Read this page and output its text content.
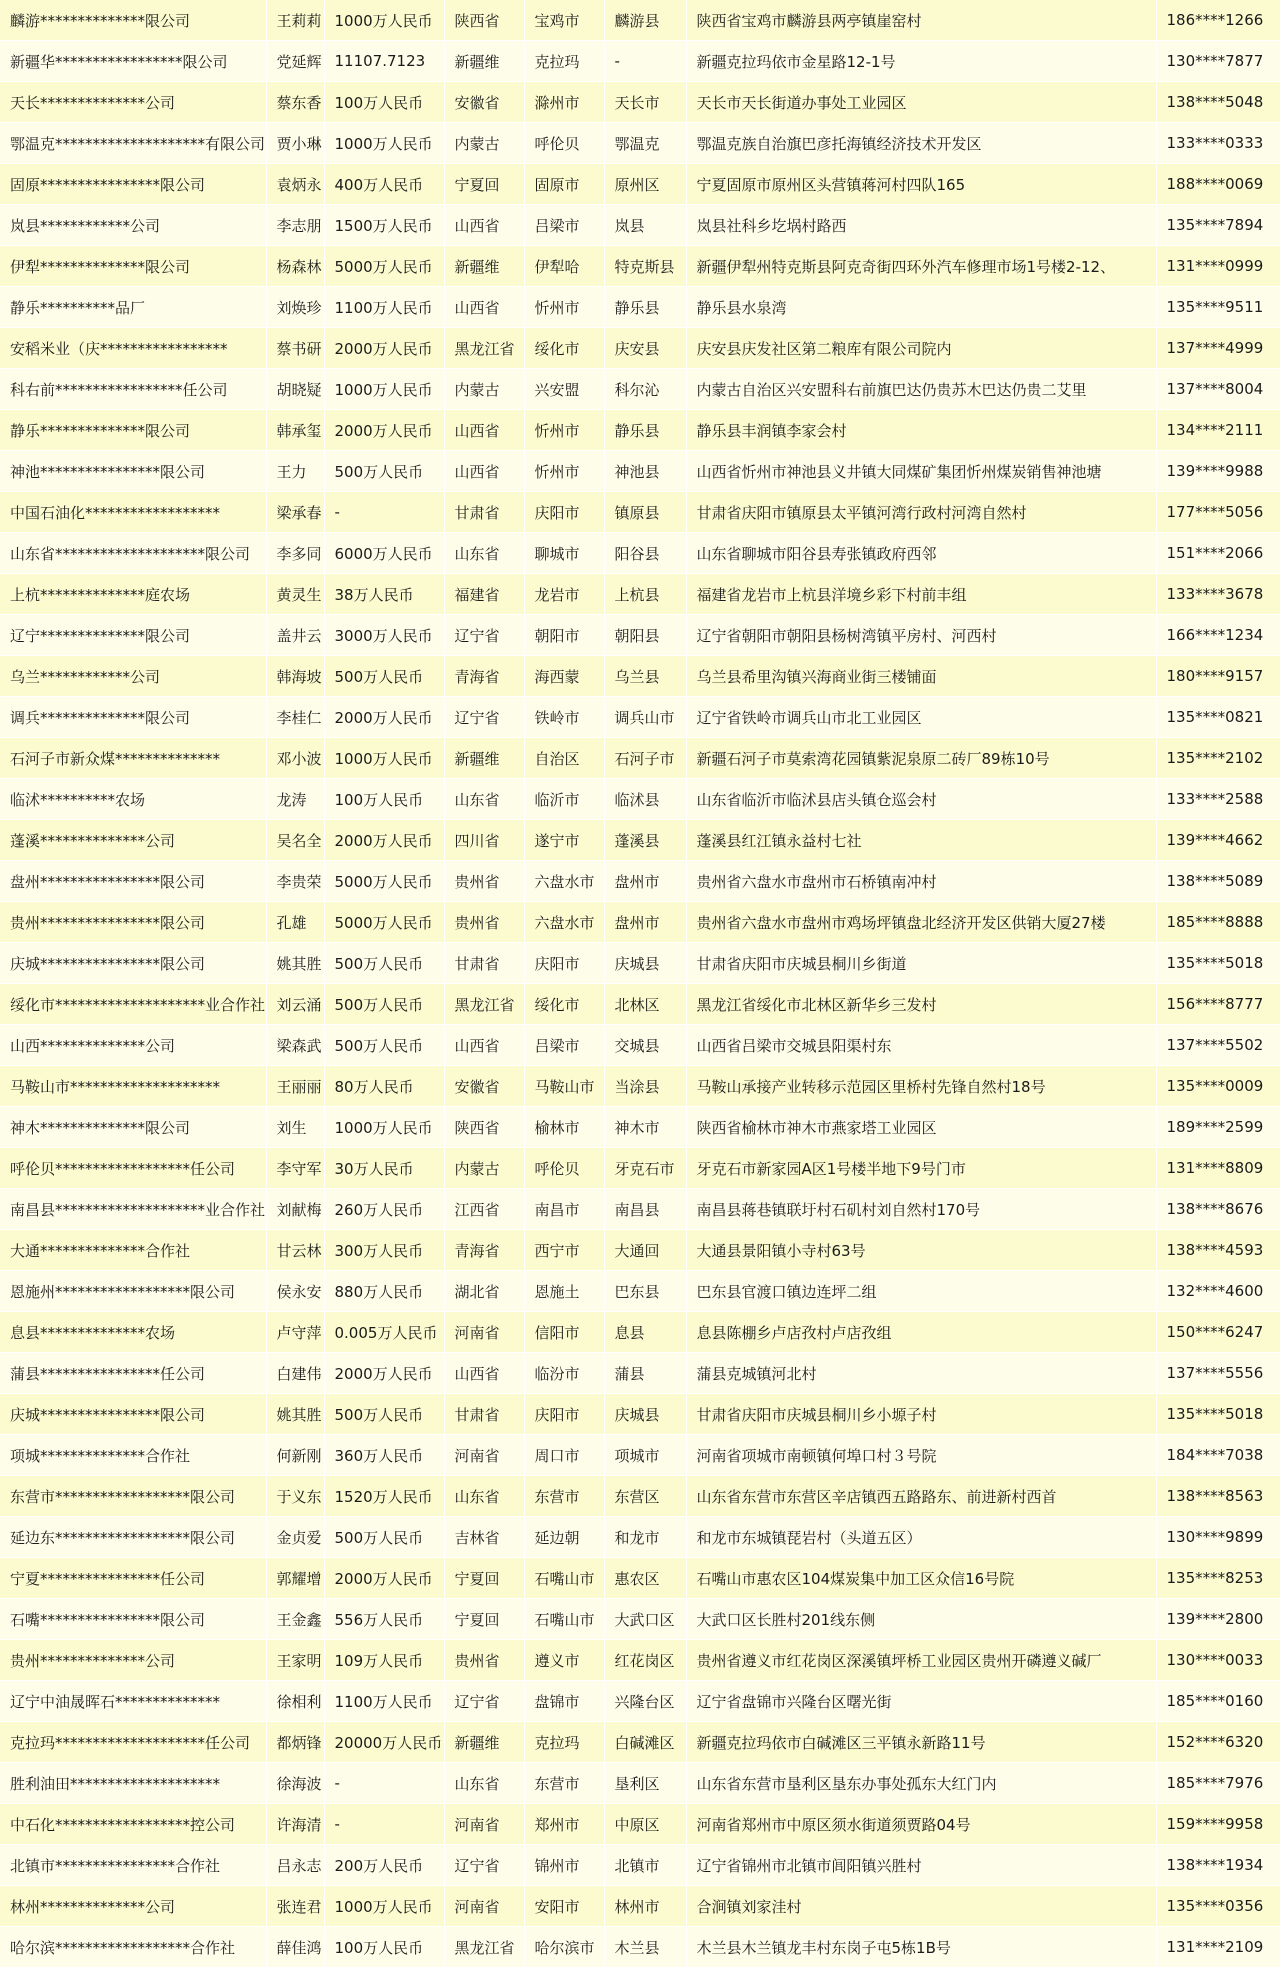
麟游**************限公司	王莉莉	1000万人民币	陕西省	宝鸡市	麟游县	陕西省宝鸡市麟游县两亭镇崖窑村	186****1266
新疆华*****************限公司	党延辉	11107.7123	新疆维	克拉玛	-	新疆克拉玛依市金星路12-1号	130****7877
天长**************公司	蔡东香	100万人民币	安徽省	滁州市	天长市	天长市天长街道办事处工业园区	138****5048
鄂温克********************有限公司	贾小琳	1000万人民币	内蒙古	呼伦贝	鄂温克	鄂温克族自治旗巴彦托海镇经济技术开发区	133****0333
固原****************限公司	袁炳永	400万人民币	宁夏回	固原市	原州区	宁夏固原市原州区头营镇蒋河村四队165	188****0069
岚县************公司	李志朋	1500万人民币	山西省	吕梁市	岚县	岚县社科乡圪埚村路西	135****7894
伊犁**************限公司	杨森林	5000万人民币	新疆维	伊犁哈	特克斯县	新疆伊犁州特克斯县阿克奇街四环外汽车修理市场1号楼2-12、	131****0999
静乐**********品厂	刘焕珍	1100万人民币	山西省	忻州市	静乐县	静乐县水泉湾	135****9511
安稻米业（庆*****************	蔡书研	2000万人民币	黑龙江省	绥化市	庆安县	庆安县庆发社区第二粮库有限公司院内	137****4999
科右前*****************任公司	胡晓疑	1000万人民币	内蒙古	兴安盟	科尔沁	内蒙古自治区兴安盟科右前旗巴达仍贵苏木巴达仍贵二艾里	137****8004
静乐**************限公司	韩承玺	2000万人民币	山西省	忻州市	静乐县	静乐县丰润镇李家会村	134****2111
神池****************限公司	王力	500万人民币	山西省	忻州市	神池县	山西省忻州市神池县义井镇大同煤矿集团忻州煤炭销售神池塘	139****9988
中国石油化******************	梁承春	-	甘肃省	庆阳市	镇原县	甘肃省庆阳市镇原县太平镇河湾行政村河湾自然村	177****5056
山东省********************限公司	李多同	6000万人民币	山东省	聊城市	阳谷县	山东省聊城市阳谷县寿张镇政府西邻	151****2066
上杭**************庭农场	黄灵生	38万人民币	福建省	龙岩市	上杭县	福建省龙岩市上杭县洋境乡彩下村前丰组	133****3678
辽宁**************限公司	盖井云	3000万人民币	辽宁省	朝阳市	朝阳县	辽宁省朝阳市朝阳县杨树湾镇平房村、河西村	166****1234
乌兰************公司	韩海坡	500万人民币	青海省	海西蒙	乌兰县	乌兰县希里沟镇兴海商业街三楼铺面	180****9157
调兵**************限公司	李桂仁	2000万人民币	辽宁省	铁岭市	调兵山市	辽宁省铁岭市调兵山市北工业园区	135****0821
石河子市新众煤**************	邓小波	1000万人民币	新疆维	自治区	石河子市	新疆石河子市莫索湾花园镇紫泥泉原二砖厂89栋10号	135****2102
临沭**********农场	龙涛	100万人民币	山东省	临沂市	临沭县	山东省临沂市临沭县店头镇仓巡会村	133****2588
蓬溪**************公司	吴名全	2000万人民币	四川省	遂宁市	蓬溪县	蓬溪县红江镇永益村七社	139****4662
盘州****************限公司	李贵荣	5000万人民币	贵州省	六盘水市	盘州市	贵州省六盘水市盘州市石桥镇南冲村	138****5089
贵州****************限公司	孔雄	5000万人民币	贵州省	六盘水市	盘州市	贵州省六盘水市盘州市鸡场坪镇盘北经济开发区供销大厦27楼	185****8888
庆城****************限公司	姚其胜	500万人民币	甘肃省	庆阳市	庆城县	甘肃省庆阳市庆城县桐川乡街道	135****5018
绥化市********************业合作社	刘云涌	500万人民币	黑龙江省	绥化市	北林区	黑龙江省绥化市北林区新华乡三发村	156****8777
山西**************公司	梁森武	500万人民币	山西省	吕梁市	交城县	山西省吕梁市交城县阳渠村东	137****5502
马鞍山市********************	王丽丽	80万人民币	安徽省	马鞍山市	当涂县	马鞍山承接产业转移示范园区里桥村先锋自然村18号	135****0009
神木**************限公司	刘生	1000万人民币	陕西省	榆林市	神木市	陕西省榆林市神木市燕家塔工业园区	189****2599
呼伦贝******************任公司	李守军	30万人民币	内蒙古	呼伦贝	牙克石市	牙克石市新家园A区1号楼半地下9号门市	131****8809
南昌县********************业合作社	刘献梅	260万人民币	江西省	南昌市	南昌县	南昌县蒋巷镇联圩村石矶村刘自然村170号	138****8676
大通**************合作社	甘云林	300万人民币	青海省	西宁市	大通回	大通县景阳镇小寺村63号	138****4593
恩施州******************限公司	侯永安	880万人民币	湖北省	恩施土	巴东县	巴东县官渡口镇边连坪二组	132****4600
息县**************农场	卢守萍	0.005万人民币	河南省	信阳市	息县	息县陈棚乡卢店孜村卢店孜组	150****6247
蒲县****************任公司	白建伟	2000万人民币	山西省	临汾市	蒲县	蒲县克城镇河北村	137****5556
庆城****************限公司	姚其胜	500万人民币	甘肃省	庆阳市	庆城县	甘肃省庆阳市庆城县桐川乡小塬子村	135****5018
项城**************合作社	何新刚	360万人民币	河南省	周口市	项城市	河南省项城市南顿镇何埠口村３号院	184****7038
东营市******************限公司	于义东	1520万人民币	山东省	东营市	东营区	山东省东营市东营区辛店镇西五路路东、前进新村西首	138****8563
延边东******************限公司	金贞爱	500万人民币	吉林省	延边朝	和龙市	和龙市东城镇琵岩村（头道五区）	130****9899
宁夏****************任公司	郭耀增	2000万人民币	宁夏回	石嘴山市	惠农区	石嘴山市惠农区104煤炭集中加工区众信16号院	135****8253
石嘴****************限公司	王金鑫	556万人民币	宁夏回	石嘴山市	大武口区	大武口区长胜村201线东侧	139****2800
贵州**************公司	王家明	109万人民币	贵州省	遵义市	红花岗区	贵州省遵义市红花岗区深溪镇坪桥工业园区贵州开磷遵义碱厂	130****0033
辽宁中油晟晖石**************	徐相利	1100万人民币	辽宁省	盘锦市	兴隆台区	辽宁省盘锦市兴隆台区曙光街	185****0160
克拉玛********************任公司	都炳锋	20000万人民币	新疆维	克拉玛	白碱滩区	新疆克拉玛依市白碱滩区三平镇永新路11号	152****6320
胜利油田********************	徐海波	-	山东省	东营市	垦利区	山东省东营市垦利区垦东办事处孤东大红门内	185****7976
中石化******************控公司	许海清	-	河南省	郑州市	中原区	河南省郑州市中原区须水街道须贾路04号	159****9958
北镇市****************合作社	吕永志	200万人民币	辽宁省	锦州市	北镇市	辽宁省锦州市北镇市闾阳镇兴胜村	138****1934
林州**************公司	张连君	1000万人民币	河南省	安阳市	林州市	合涧镇刘家洼村	135****0356
哈尔滨******************合作社	薛佳鸿	100万人民币	黑龙江省	哈尔滨市	木兰县	木兰县木兰镇龙丰村东岗子屯5栋1B号	131****2109
